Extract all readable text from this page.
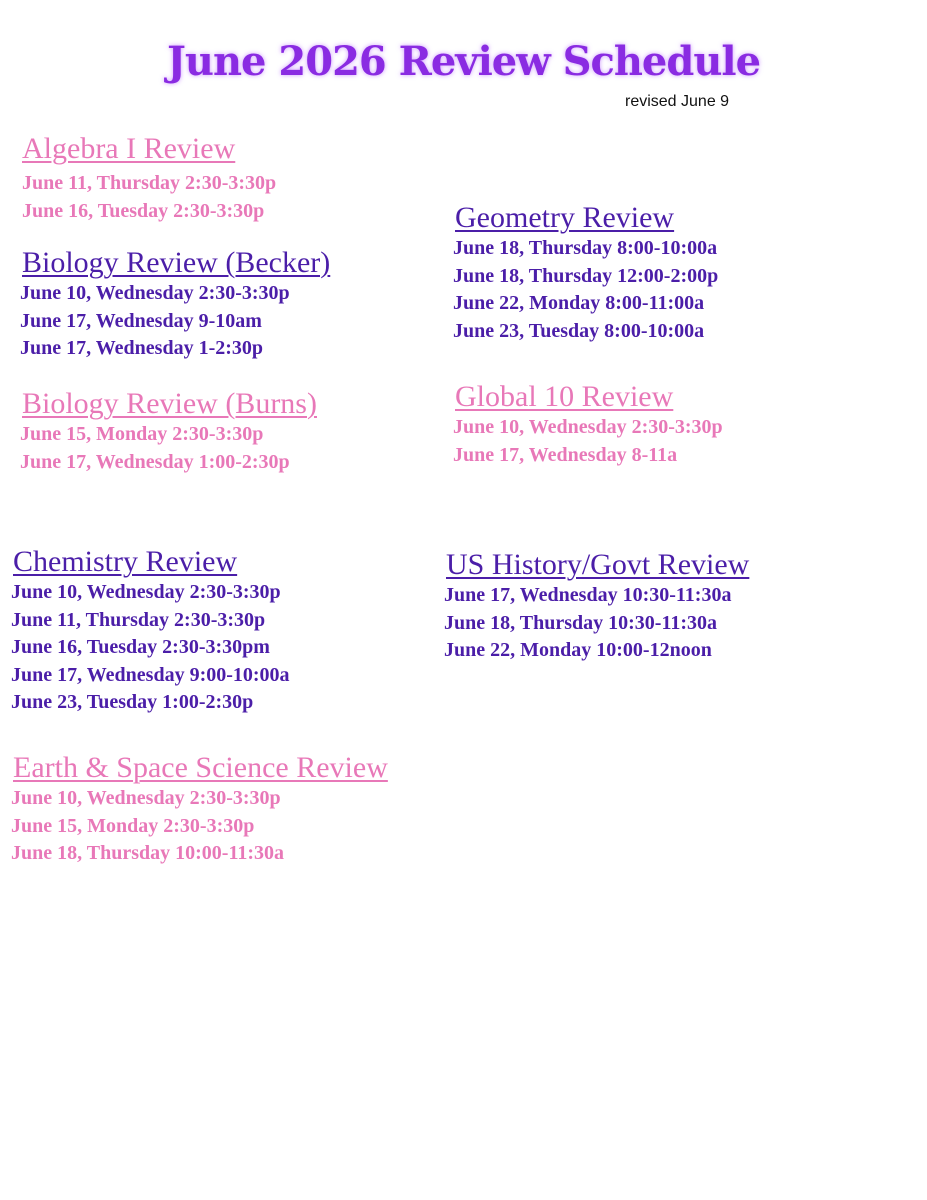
June 2026 Review Schedule
revised June 9
Algebra I Review
June 11, Thursday 2:30-3:30p
June 16, Tuesday 2:30-3:30p
Biology Review (Becker)
June 10, Wednesday 2:30-3:30p
June 17, Wednesday 9-10am
June 17, Wednesday 1-2:30p
Biology Review (Burns)
June 15, Monday 2:30-3:30p
June 17, Wednesday 1:00-2:30p
Geometry Review
June 18, Thursday 8:00-10:00a
June 18, Thursday 12:00-2:00p
June 22, Monday 8:00-11:00a
June 23, Tuesday 8:00-10:00a
Global 10 Review
June 10, Wednesday 2:30-3:30p
June 17, Wednesday 8-11a
Chemistry Review
June 10, Wednesday 2:30-3:30p
June 11, Thursday 2:30-3:30p
June 16, Tuesday 2:30-3:30pm
June 17, Wednesday 9:00-10:00a
June 23, Tuesday 1:00-2:30p
US History/Govt Review
June 17, Wednesday 10:30-11:30a
June 18, Thursday 10:30-11:30a
June 22, Monday 10:00-12noon
Earth & Space Science Review
June 10, Wednesday 2:30-3:30p
June 15, Monday 2:30-3:30p
June 18, Thursday 10:00-11:30a
